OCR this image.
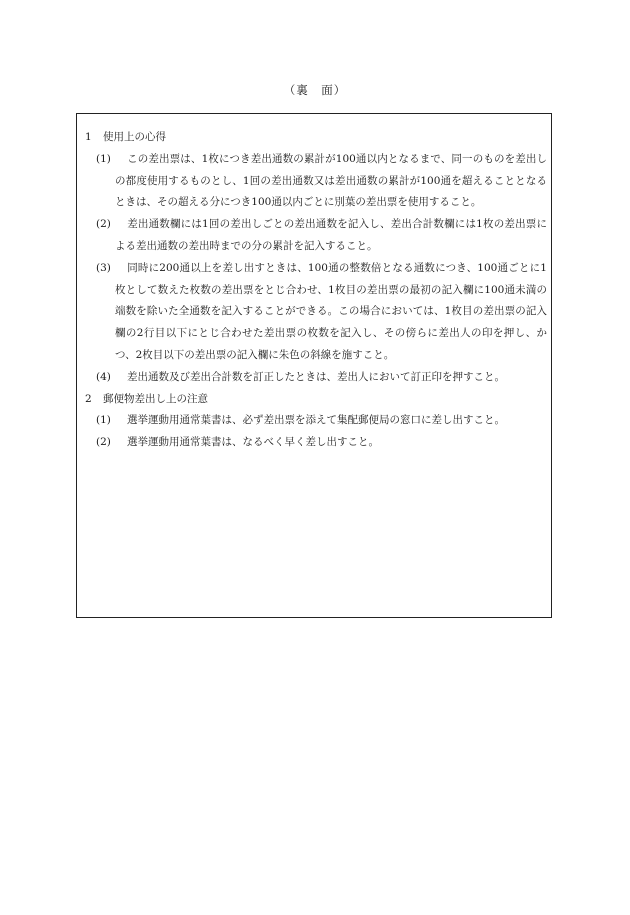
（裏　面）
1 使用上の心得
(1) この差出票は、1枚につき差出通数の累計が100通以内となるまで、同一のものを差出しの都度使用するものとし、1回の差出通数又は差出通数の累計が100通を超えることとなるときは、その超える分につき100通以内ごとに別葉の差出票を使用すること。
(2) 差出通数欄には1回の差出しごとの差出通数を記入し、差出合計数欄には1枚の差出票による差出通数の差出時までの分の累計を記入すること。
(3) 同時に200通以上を差し出すときは、100通の整数倍となる通数につき、100通ごとに1枚として数えた枚数の差出票をとじ合わせ、1枚目の差出票の最初の記入欄に100通未満の端数を除いた全通数を記入することができる。この場合においては、1枚目の差出票の記入欄の2行目以下にとじ合わせた差出票の枚数を記入し、その傍らに差出人の印を押し、かつ、2枚目以下の差出票の記入欄に朱色の斜線を施すこと。
(4) 差出通数及び差出合計数を訂正したときは、差出人において訂正印を押すこと。
2 郵便物差出し上の注意
(1) 選挙運動用通常葉書は、必ず差出票を添えて集配郵便局の窓口に差し出すこと。
(2) 選挙運動用通常葉書は、なるべく早く差し出すこと。
